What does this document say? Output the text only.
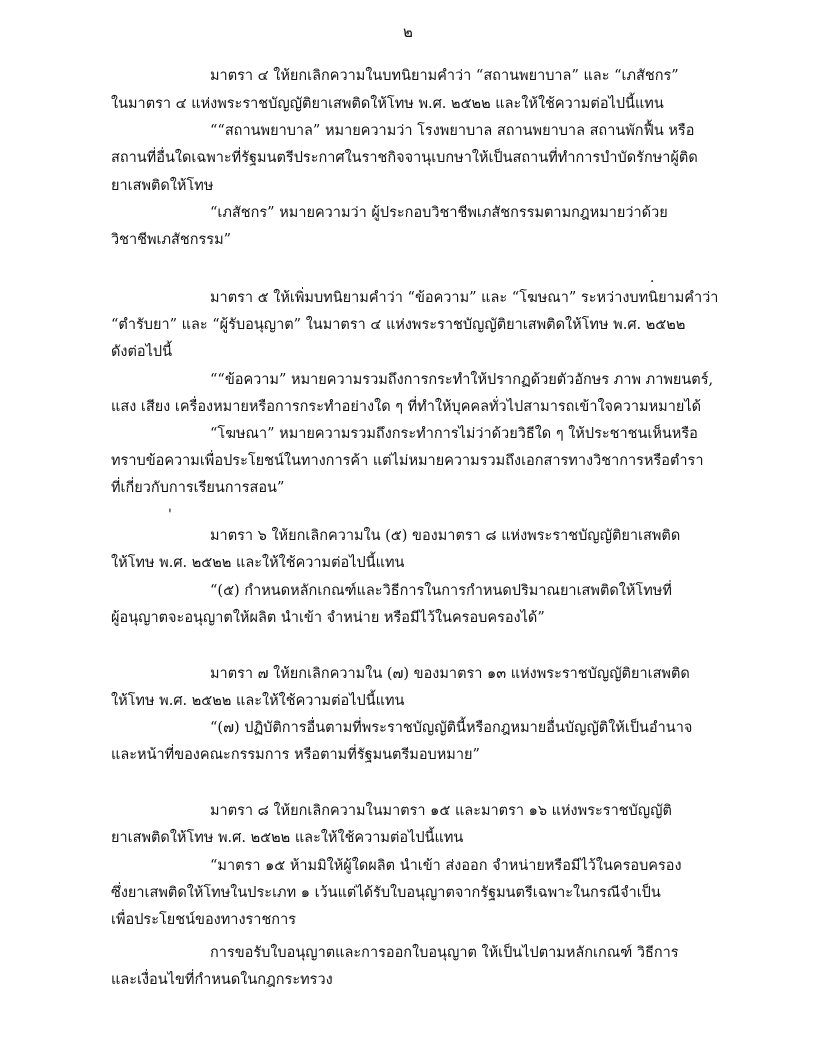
๒
มาตรา ๔ ให้ยกเลิกความในบทนิยามคำว่า “สถานพยาบาล” และ “เภสัชกร”
ในมาตรา ๔ แห่งพระราชบัญญัติยาเสพติดให้โทษ พ.ศ. ๒๕๒๒ และให้ใช้ความต่อไปนี้แทน
““สถานพยาบาล” หมายความว่า โรงพยาบาล สถานพยาบาล สถานพักฟื้น หรือ
สถานที่อื่นใดเฉพาะที่รัฐมนตรีประกาศในราชกิจจานุเบกษาให้เป็นสถานที่ทำการบำบัดรักษาผู้ติด
ยาเสพติดให้โทษ
“เภสัชกร” หมายความว่า ผู้ประกอบวิชาชีพเภสัชกรรมตามกฎหมายว่าด้วย
วิชาชีพเภสัชกรรม”
·
มาตรา ๕ ให้เพิ่มบทนิยามคำว่า “ข้อความ” และ “โฆษณา” ระหว่างบทนิยามคำว่า
“ตำรับยา” และ “ผู้รับอนุญาต” ในมาตรา ๔ แห่งพระราชบัญญัติยาเสพติดให้โทษ พ.ศ. ๒๕๒๒
ดังต่อไปนี้
““ข้อความ” หมายความรวมถึงการกระทำให้ปรากฏด้วยตัวอักษร ภาพ ภาพยนตร์,
แสง เสียง เครื่องหมายหรือการกระทำอย่างใด ๆ ที่ทำให้บุคคลทั่วไปสามารถเข้าใจความหมายได้
“โฆษณา” หมายความรวมถึงกระทำการไม่ว่าด้วยวิธีใด ๆ ให้ประชาชนเห็นหรือ
ทราบข้อความเพื่อประโยชน์ในทางการค้า แต่ไม่หมายความรวมถึงเอกสารทางวิชาการหรือตำรา
ที่เกี่ยวกับการเรียนการสอน”
'
มาตรา ๖ ให้ยกเลิกความใน (๕) ของมาตรา ๘ แห่งพระราชบัญญัติยาเสพติด
ให้โทษ พ.ศ. ๒๕๒๒ และให้ใช้ความต่อไปนี้แทน
“(๕) กำหนดหลักเกณฑ์และวิธีการในการกำหนดปริมาณยาเสพติดให้โทษที่
ผู้อนุญาตจะอนุญาตให้ผลิต นำเข้า จำหน่าย หรือมีไว้ในครอบครองได้”
มาตรา ๗ ให้ยกเลิกความใน (๗) ของมาตรา ๑๓ แห่งพระราชบัญญัติยาเสพติด
ให้โทษ พ.ศ. ๒๕๒๒ และให้ใช้ความต่อไปนี้แทน
“(๗) ปฏิบัติการอื่นตามที่พระราชบัญญัตินี้หรือกฎหมายอื่นบัญญัติให้เป็นอำนาจ
และหน้าที่ของคณะกรรมการ หรือตามที่รัฐมนตรีมอบหมาย”
มาตรา ๘ ให้ยกเลิกความในมาตรา ๑๕ และมาตรา ๑๖ แห่งพระราชบัญญัติ
ยาเสพติดให้โทษ พ.ศ. ๒๕๒๒ และให้ใช้ความต่อไปนี้แทน
“มาตรา ๑๕ ห้ามมิให้ผู้ใดผลิต นำเข้า ส่งออก จำหน่ายหรือมีไว้ในครอบครอง
ซึ่งยาเสพติดให้โทษในประเภท ๑ เว้นแต่ได้รับใบอนุญาตจากรัฐมนตรีเฉพาะในกรณีจำเป็น
เพื่อประโยชน์ของทางราชการ
การขอรับใบอนุญาตและการออกใบอนุญาต ให้เป็นไปตามหลักเกณฑ์ วิธีการ
และเงื่อนไขที่กำหนดในกฎกระทรวง
